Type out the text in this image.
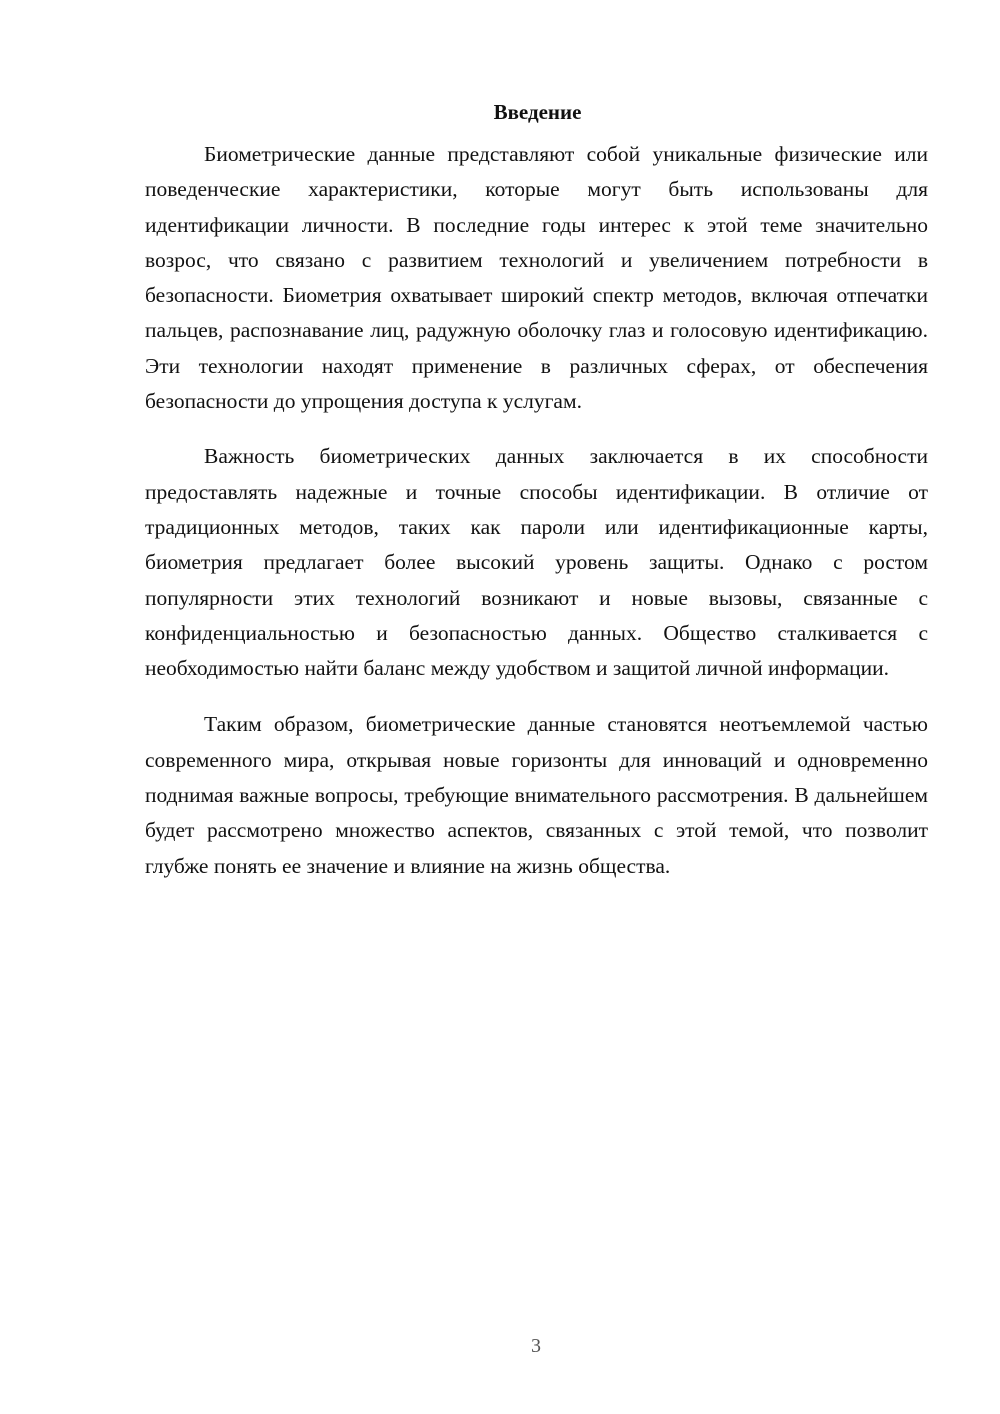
Введение

Биометрические данные представляют собой уникальные физические или поведенческие характеристики, которые могут быть использованы для идентификации личности. В последние годы интерес к этой теме значительно возрос, что связано с развитием технологий и увеличением потребности в безопасности. Биометрия охватывает широкий спектр методов, включая отпечатки пальцев, распознавание лиц, радужную оболочку глаз и голосовую идентификацию. Эти технологии находят применение в различных сферах, от обеспечения безопасности до упрощения доступа к услугам.

Важность биометрических данных заключается в их способности предоставлять надежные и точные способы идентификации. В отличие от традиционных методов, таких как пароли или идентификационные карты, биометрия предлагает более высокий уровень защиты. Однако с ростом популярности этих технологий возникают и новые вызовы, связанные с конфиденциальностью и безопасностью данных. Общество сталкивается с необходимостью найти баланс между удобством и защитой личной информации.

Таким образом, биометрические данные становятся неотъемлемой частью современного мира, открывая новые горизонты для инноваций и одновременно поднимая важные вопросы, требующие внимательного рассмотрения. В дальнейшем будет рассмотрено множество аспектов, связанных с этой темой, что позволит глубже понять ее значение и влияние на жизнь общества.

3
